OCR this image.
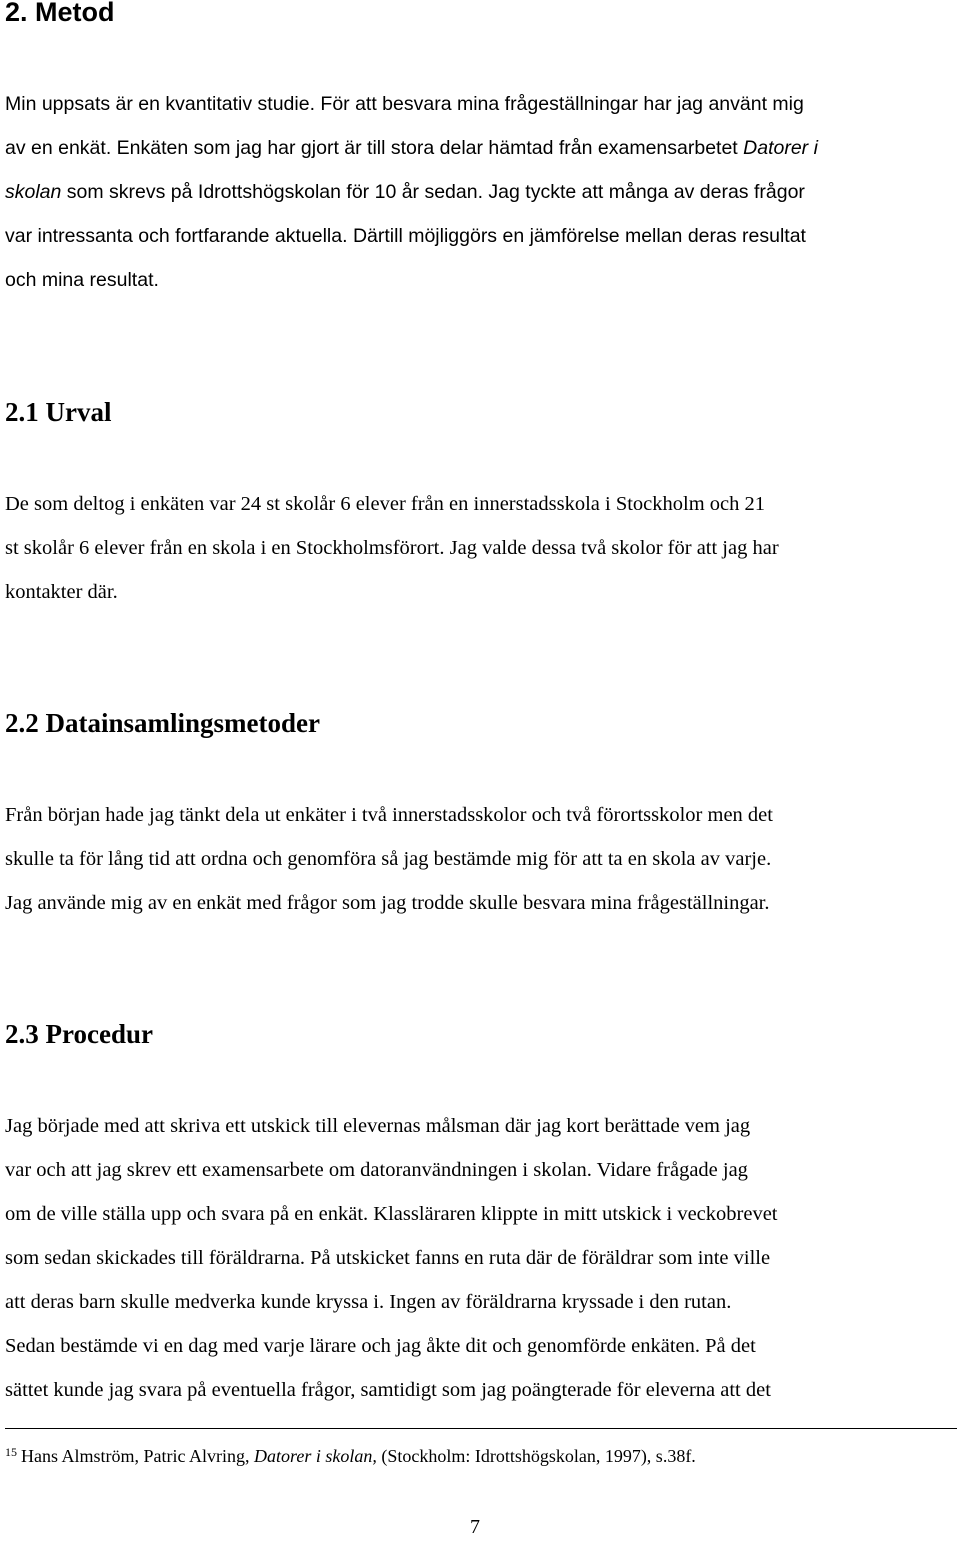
2. Metod
Min uppsats är en kvantitativ studie. För att besvara mina frågeställningar har jag använt mig
av en enkät. Enkäten som jag har gjort är till stora delar hämtad från examensarbetet Datorer i
skolan som skrevs på Idrottshögskolan för 10 år sedan. Jag tyckte att många av deras frågor
var intressanta och fortfarande aktuella. Därtill möjliggörs en jämförelse mellan deras resultat
och mina resultat.
2.1 Urval
De som deltog i enkäten var 24 st skolår 6 elever från en innerstadsskola i Stockholm och 21
st skolår 6 elever från en skola i en Stockholmsförort. Jag valde dessa två skolor för att jag har
kontakter där.
2.2 Datainsamlingsmetoder
Från början hade jag tänkt dela ut enkäter i två innerstadsskolor och två förortsskolor men det
skulle ta för lång tid att ordna och genomföra så jag bestämde mig för att ta en skola av varje.
Jag använde mig av en enkät med frågor som jag trodde skulle besvara mina frågeställningar.
2.3 Procedur
Jag började med att skriva ett utskick till elevernas målsman där jag kort berättade vem jag
var och att jag skrev ett examensarbete om datoranvändningen i skolan. Vidare frågade jag
om de ville ställa upp och svara på en enkät. Klassläraren klippte in mitt utskick i veckobrevet
som sedan skickades till föräldrarna. På utskicket fanns en ruta där de föräldrar som inte ville
att deras barn skulle medverka kunde kryssa i. Ingen av föräldrarna kryssade i den rutan.
Sedan bestämde vi en dag med varje lärare och jag åkte dit och genomförde enkäten. På det
sättet kunde jag svara på eventuella frågor, samtidigt som jag poängterade för eleverna att det
$^{15}$ Hans Almström, Patric Alvring, Datorer i skolan, (Stockholm: Idrottshögskolan, 1997), s.38f.
7
